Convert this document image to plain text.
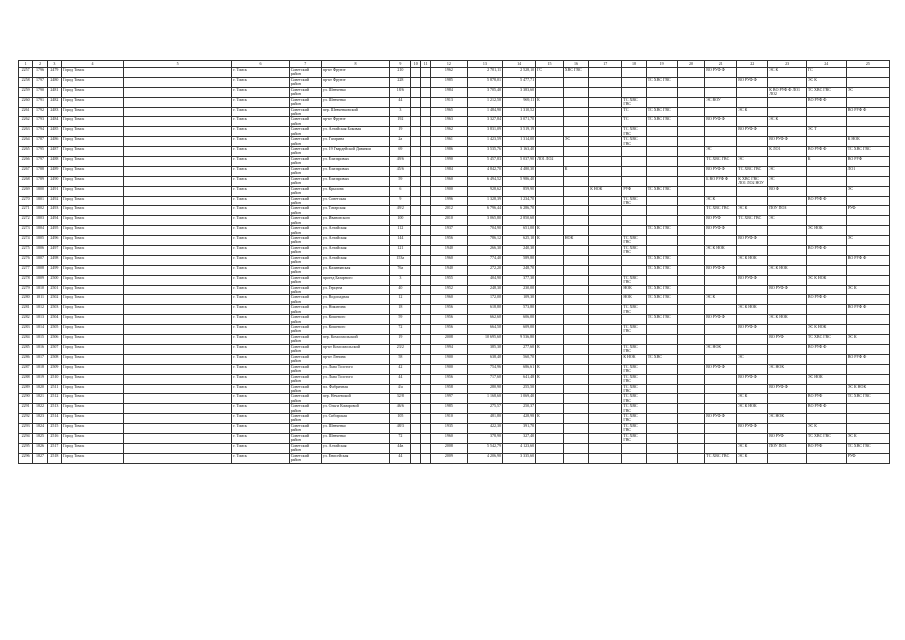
1	2	3	4	5	6	7	8	9	10	11	12	13	14	15	16	17	18	19	20	21	22	23	24	25
2257	1796	2479	Город Томск		г. Томск	Советский район	пр-кт Фрунзе	210			1962	2 701,11	2 528,10	ГС	ХВС ГВС					ВО РУФ Ф		ЭС К	ГС	
2258	1797	2480	Город Томск		г. Томск	Советский район	пр-кт Фрунзе	228			1985	5 878,01	5 477,71					ТС ХВС ГВС			ВО РУФ Ф		ЭС К	
2259	1790	2481	Город Томск		г. Томск	Советский район	ул. Шевченко	18/6			1984	3 705,40	3 383,60									К ВО РУФ Ф ЛО1 ЛО2	ТС ХВС ГВС	ЭС
2260	1791	2482	Город Томск		г. Томск	Советский район	ул. Шевченко	44			1913	1 212,50	969,11	К			ТС ХВС ГВС			ЭС ВОУ			ВО РУФ Ф	
2261	1792	2483	Город Томск		г. Томск	Советский район	пер. Шевченковский	3			1965	1 484,90	1 310,52				ТС	ТС ХВС ГВС			ЭС К			ВО РУФ Ф
2262	1793	2484	Город Томск		г. Томск	Советский район	пр-кт Фрунзе	192			1963	3 327,84	3 071,70				ТС	ТС ХВС ГВС		ВО РУФ Ф		ЭС К		
2263	1794	2485	Город Томск		г. Томск	Советский район	ул. Алтайская Боковая	19			1962	3 831,09	3 519,19				ТС ХВС ГВС				ВО РУФ Ф		ЭС Т	
2264	1787	2486	Город Томск		г. Томск	Советский район	ул. Гагарина	2а			1961	1 423,59	1 314,00		ЭС		ТС ХВС ГВС					ВО РУФ Ф		К НОК
2265	1795	2487	Город Томск		г. Томск	Советский район	ул. 19 Гвардейской Дивизии	69			1986	3 535,76	3 163,40							ЭС		К ЛО1	ВО РУФ Ф	ТС ХВС ГВС
2266	1797	2488	Город Томск		г. Томск	Советский район	ул. Елизаровых	49/6			1990	5 457,83	5 037,90	ЛО1 ЛО2						ТС ХВС ГВС	ЭС		К	ВО РУФ
2267	1788	2489	Город Томск		г. Томск	Советский район	ул. Елизаровых	45/6			1984	4 842,70	4 480,30		К					ВО РУФ Ф	ТС ХВС ГВС	ЭС		ЛО1
2268	1789	2490	Город Томск		г. Томск	Советский район	ул. Елизаровых	59			1960	6 494,52	5 986,40							Б ВО РУФ Ф	К ХВС ГВС ЛО1 ЛО2 НОУ	ЭС		
2269	1800	2491	Город Томск		г. Томск	Советский район	ул. Крылова	6			1900	928,62	859,90			К НОК	РУФ	ТС ХВС ГВС				ВО Ф		ЭС
2270	1801	2492	Город Томск		г. Томск	Советский район	ул. Советская	9			1996	1 328,39	1 234,70				ТС ХВС ГВС			ЭС К			ВО РУФ Ф	
2271	1802	2493	Город Томск		г. Томск	Советский район	ул. Татарская	49/2			2012	6 796,44	6 286,70							ТС ХВС ГВС	ЭС К	ПОУ ПОЗ		РУФ
2272	1803	2494	Город Томск		г. Томск	Советский район	ул. Ивановского	100			2010	3 065,80	2 850,60							ВО РУФ	ТС ХВС ГВС	ЭС		
2273	1804	2495	Город Томск		г. Томск	Советский район	ул. Алтайская	112			1937	704,90	651,00	К				ТС ХВС ГВС		ВО РУФ Ф			ЭС НОК	
2274	1805	2496	Город Томск		г. Томск	Советский район	ул. Алтайская	144			1956	786,12	625,10	К	НОК		ТС ХВС ГВС				ВО РУФ Ф			ЭС
2275	1806	2497	Город Томск		г. Томск	Советский район	ул. Алтайская	121			1940	266,30	240,30				ТС ХВС ГВС			ЭС К НОК			ВО РУФ Ф	
2276	1807	2498	Город Томск		г. Томск	Советский район	ул. Алтайская	153а			1960	774,40	589,80					ТС ХВС ГВС			ЭС К НОК			ВО РУФ Ф
2277	1808	2499	Город Томск		г. Томск	Советский район	ул. Калинявская	76а			1940	272,20	248,70					ТС ХВС ГВС		ВО РУФ Ф		ЭС К НОК		
2278	1809	2500	Город Томск		г. Томск	Советский район	проезд Базарного	3			1955	404,90	377,30				ТС ХВС ГВС				ВО РУФ Ф		ЭС К НОК	
2279	1810	2501	Город Томск		г. Томск	Советский район	ул. Герцена	40			1952	248,30	230,00				НОК	ТС ХВС ГВС				ВО РУФ Ф		ЭС К
2280	1811	2502	Город Томск		г. Томск	Советский район	ул. Водопадная	12			1960	172,00	109,30				НОК	ТС ХВС ГВС		ЭС К			ВО РУФ Ф	
2281	1812	2503	Город Томск		г. Томск	Советский район	ул. Никитина	18			1956	618,80	573,80				ТС ХВС ГВС				ЭС К НОК			ВО РУФ Ф
2282	1813	2504	Город Томск		г. Томск	Советский район	ул. Кошевого	59			1956	662,60	606,00					ТС ХВС ГВС		ВО РУФ Ф		ЭС К НОК		
2283	1814	2505	Город Томск		г. Томск	Советский район	ул. Кошевого	72			1956	664,50	609,00				ТС ХВС ГВС				ВО РУФ Ф		ЭС К НОК	
2284	1815	2506	Город Томск		г. Томск	Советский район	пер. Комсомольский	19			2008	10 695,60	9 536,80									ВО РУФ	ТС ХВС ГВС	ЭС К
2285	1816	2507	Город Томск		г. Томск	Советский район	пр-кт Комсомольский	23/2			1994	385,30	277,60	К			ТС ХВС ГВС			ЭС НОК			ВО РУФ Ф	
2286	1817	2508	Город Томск		г. Томск	Советский район	пр-кт Ленина	58			1900	638,40	560,70				К НОК	ТС ХВС			ЭС			ВО РУФ Ф
2287	1818	2509	Город Томск		г. Томск	Советский район	ул. Льва Толстого	42			1900	754,96	686,61	К			ТС ХВС ГВС			ВО РУФ Ф		ЭС НОК		
2288	1819	2510	Город Томск		г. Томск	Советский район	ул. Льва Толстого	44			1956	717,60	641,48	К			ТС ХВС ГВС				ВО РУФ Ф		ЭС НОК	
2289	1820	2511	Город Томск		г. Томск	Советский район	пл. Фабричная	4/а			1958	280,90	255,50				ТС ХВС ГВС					ВО РУФ Ф		ЭС К НОК
2290	1821	2512	Город Томск		г. Томск	Советский район	пер. Нечаевский	32/8			1997	1 168,60	1 069,40				ТС ХВС ГВС				ЭС К		ВО РУФ	ТС ХВС ГВС
2291	1822	2513	Город Томск		г. Томск	Советский район	ул. Ольги Комаровой	46/6			1985	275,57	250,37				ТС ХВС ГВС				ЭС К НОК		ВО РУФ Ф	
2292	1823	2514	Город Томск		г. Томск	Советский район	ул. Сибирская	105			1910	481,80	428,98	К			ТС ХВС ГВС			ВО РУФ Ф		ЭС НОК		
2293	1824	2515	Город Томск		г. Томск	Советский район	ул. Шевченко	48/3			1935	422,30	391,70				ТС ХВС ГВС				ВО РУФ Ф		ЭС К	
2294	1825	2516	Город Томск		г. Томск	Советский район	ул. Шевченко	72			1960	378,90	327,40				ТС ХВС ГВС					ВО РУФ	ТС ХВС ГВС	ЭС К
2295	1826	2517	Город Томск		г. Томск	Советский район	ул. Алтайская	44в			2008	5 542,79	4 123,60								ЭС К	ПОУ ПОЗ	ВО РУФ	ТС ХВС ГВС
2296	1827	2518	Город Томск		г. Томск	Советский район	ул. Енисейская	44			2009	4 206,90	3 335,60							ТС ХВС ГВС	ЭС К			РУФ
